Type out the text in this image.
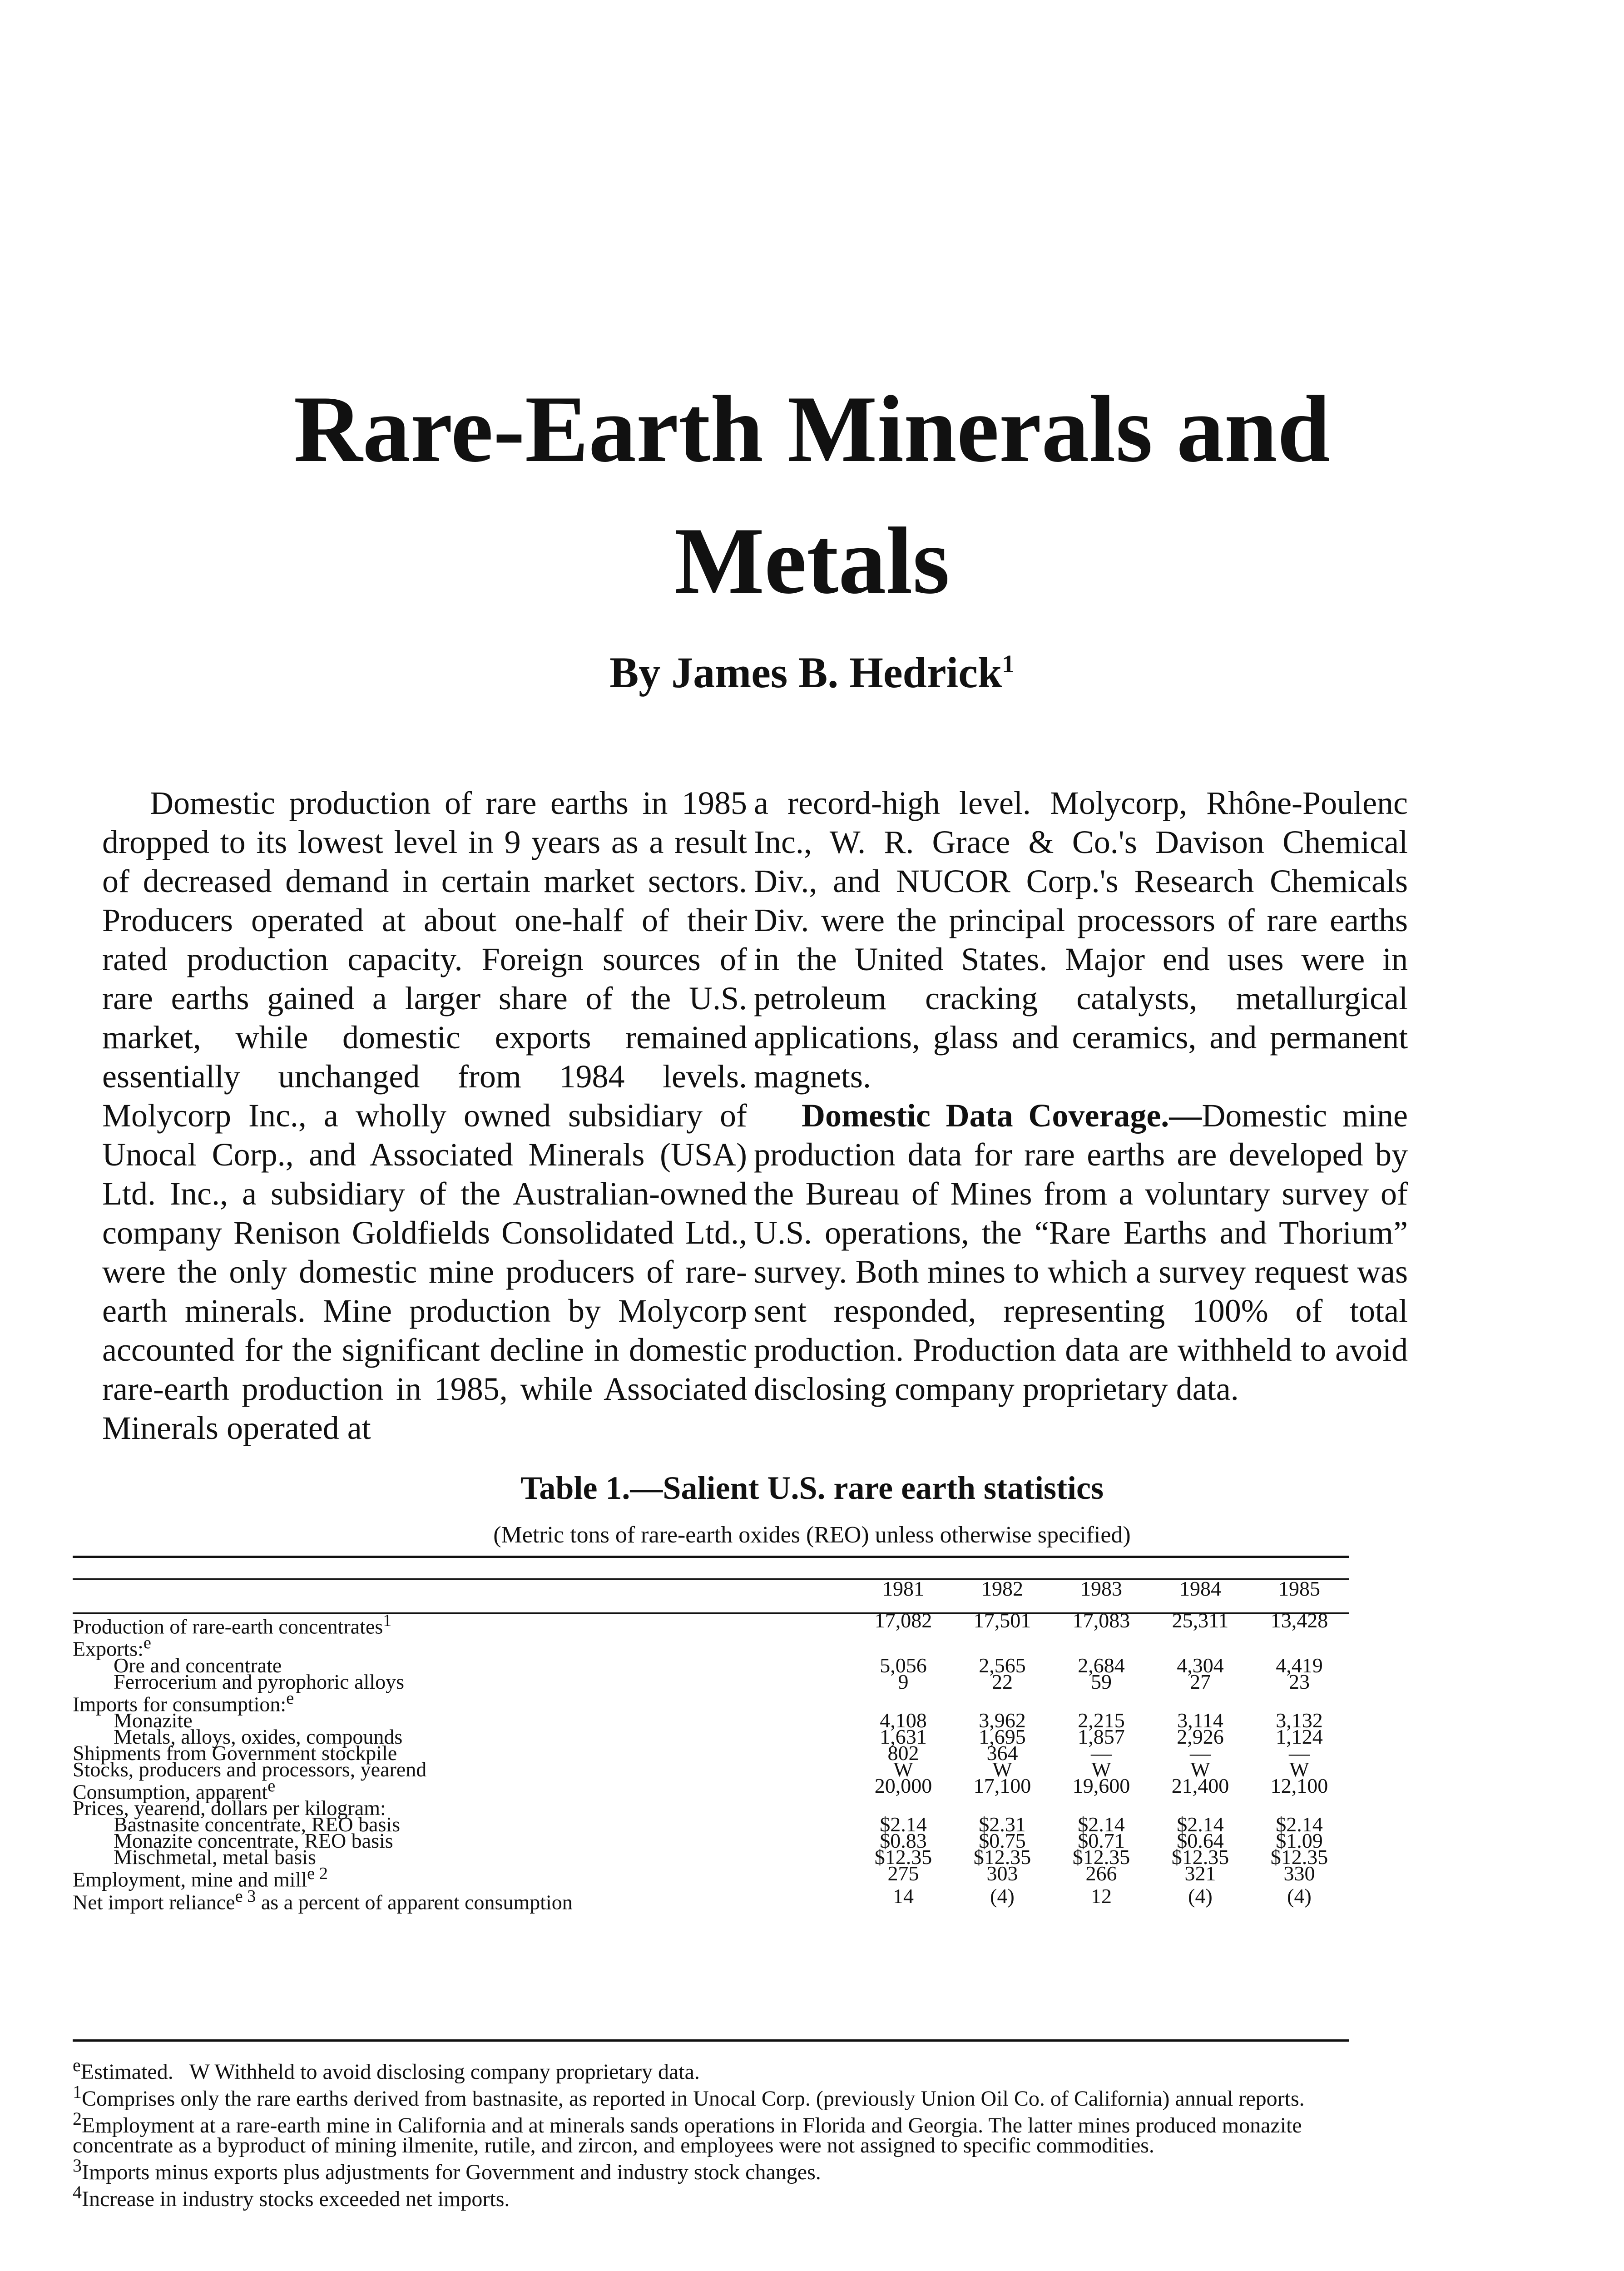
Rare-Earth Minerals and
Metals
By James B. Hedrick$^1$

Domestic production of rare earths in 1985 dropped to its lowest level in 9 years as a result of decreased demand in certain market sectors. Producers operated at about one-half of their rated production capacity. Foreign sources of rare earths gained a larger share of the U.S. market, while domestic exports remained essentially unchanged from 1984 levels. Molycorp Inc., a wholly owned subsidiary of Unocal Corp., and Associated Minerals (USA) Ltd. Inc., a subsidiary of the Australian-owned company Renison Goldfields Consolidated Ltd., were the only domestic mine producers of rare-earth minerals. Mine production by Molycorp accounted for the significant decline in domestic rare-earth production in 1985, while Associated Minerals operated at

a record-high level. Molycorp, Rhône-Poulenc Inc., W. R. Grace & Co.'s Davison Chemical Div., and NUCOR Corp.'s Research Chemicals Div. were the principal processors of rare earths in the United States. Major end uses were in petroleum cracking catalysts, metallurgical applications, glass and ceramics, and permanent magnets.

Domestic Data Coverage.—Domestic mine production data for rare earths are developed by the Bureau of Mines from a voluntary survey of U.S. operations, the “Rare Earths and Thorium” survey. Both mines to which a survey request was sent responded, representing 100% of total production. Production data are withheld to avoid disclosing company proprietary data.

Table 1.—Salient U.S. rare earth statistics
(Metric tons of rare-earth oxides (REO) unless otherwise specified)
	1981	1982	1983	1984	1985
Production of rare-earth concentrates$^1$	17,082	17,501	17,083	25,311	13,428
Exports:$^e$					
Ore and concentrate	5,056	2,565	2,684	4,304	4,419
Ferrocerium and pyrophoric alloys	9	22	59	27	23
Imports for consumption:$^e$					
Monazite	4,108	3,962	2,215	3,114	3,132
Metals, alloys, oxides, compounds	1,631	1,695	1,857	2,926	1,124
Shipments from Government stockpile	802	364	—	—	—
Stocks, producers and processors, yearend	W	W	W	W	W
Consumption, apparent$^e$	20,000	17,100	19,600	21,400	12,100
Prices, yearend, dollars per kilogram:					
Bastnasite concentrate, REO basis	$2.14	$2.31	$2.14	$2.14	$2.14
Monazite concentrate, REO basis	$0.83	$0.75	$0.71	$0.64	$1.09
Mischmetal, metal basis	$12.35	$12.35	$12.35	$12.35	$12.35
Employment, mine and mill$^{e 2}$	275	303	266	321	330
Net import reliance$^{e 3}$ as a percent of apparent consumption	14	(4)	12	(4)	(4)

$^e$Estimated. W Withheld to avoid disclosing company proprietary data.

$^1$Comprises only the rare earths derived from bastnasite, as reported in Unocal Corp. (previously Union Oil Co. of California) annual reports.

$^2$Employment at a rare-earth mine in California and at minerals sands operations in Florida and Georgia. The latter mines produced monazite concentrate as a byproduct of mining ilmenite, rutile, and zircon, and employees were not assigned to specific commodities.

$^3$Imports minus exports plus adjustments for Government and industry stock changes.

$^4$Increase in industry stocks exceeded net imports.
